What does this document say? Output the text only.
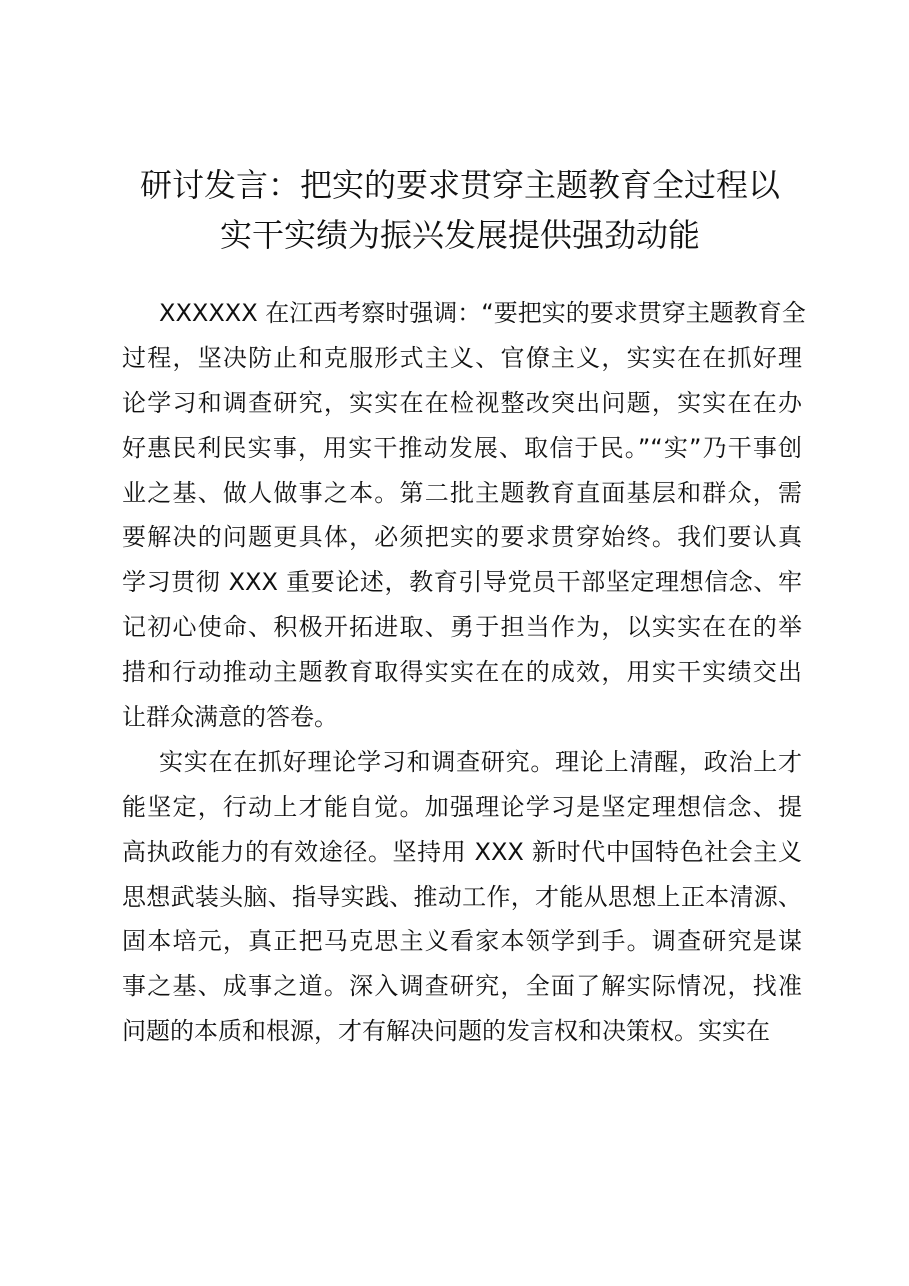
研讨发言：把实的要求贯穿主题教育全过程以
实干实绩为振兴发展提供强劲动能
XXXXXX 在江西考察时强调：“要把实的要求贯穿主题教育全
过程，坚决防止和克服形式主义、官僚主义，实实在在抓好理
论学习和调查研究，实实在在检视整改突出问题，实实在在办
好惠民利民实事，用实干推动发展、取信于民。”“实”乃干事创
业之基、做人做事之本。第二批主题教育直面基层和群众，需
要解决的问题更具体，必须把实的要求贯穿始终。我们要认真
学习贯彻 XXX 重要论述，教育引导党员干部坚定理想信念、牢
记初心使命、积极开拓进取、勇于担当作为，以实实在在的举
措和行动推动主题教育取得实实在在的成效，用实干实绩交出
让群众满意的答卷。
实实在在抓好理论学习和调查研究。理论上清醒，政治上才
能坚定，行动上才能自觉。加强理论学习是坚定理想信念、提
高执政能力的有效途径。坚持用 XXX 新时代中国特色社会主义
思想武装头脑、指导实践、推动工作，才能从思想上正本清源、
固本培元，真正把马克思主义看家本领学到手。调查研究是谋
事之基、成事之道。深入调查研究，全面了解实际情况，找准
问题的本质和根源，才有解决问题的发言权和决策权。实实在
